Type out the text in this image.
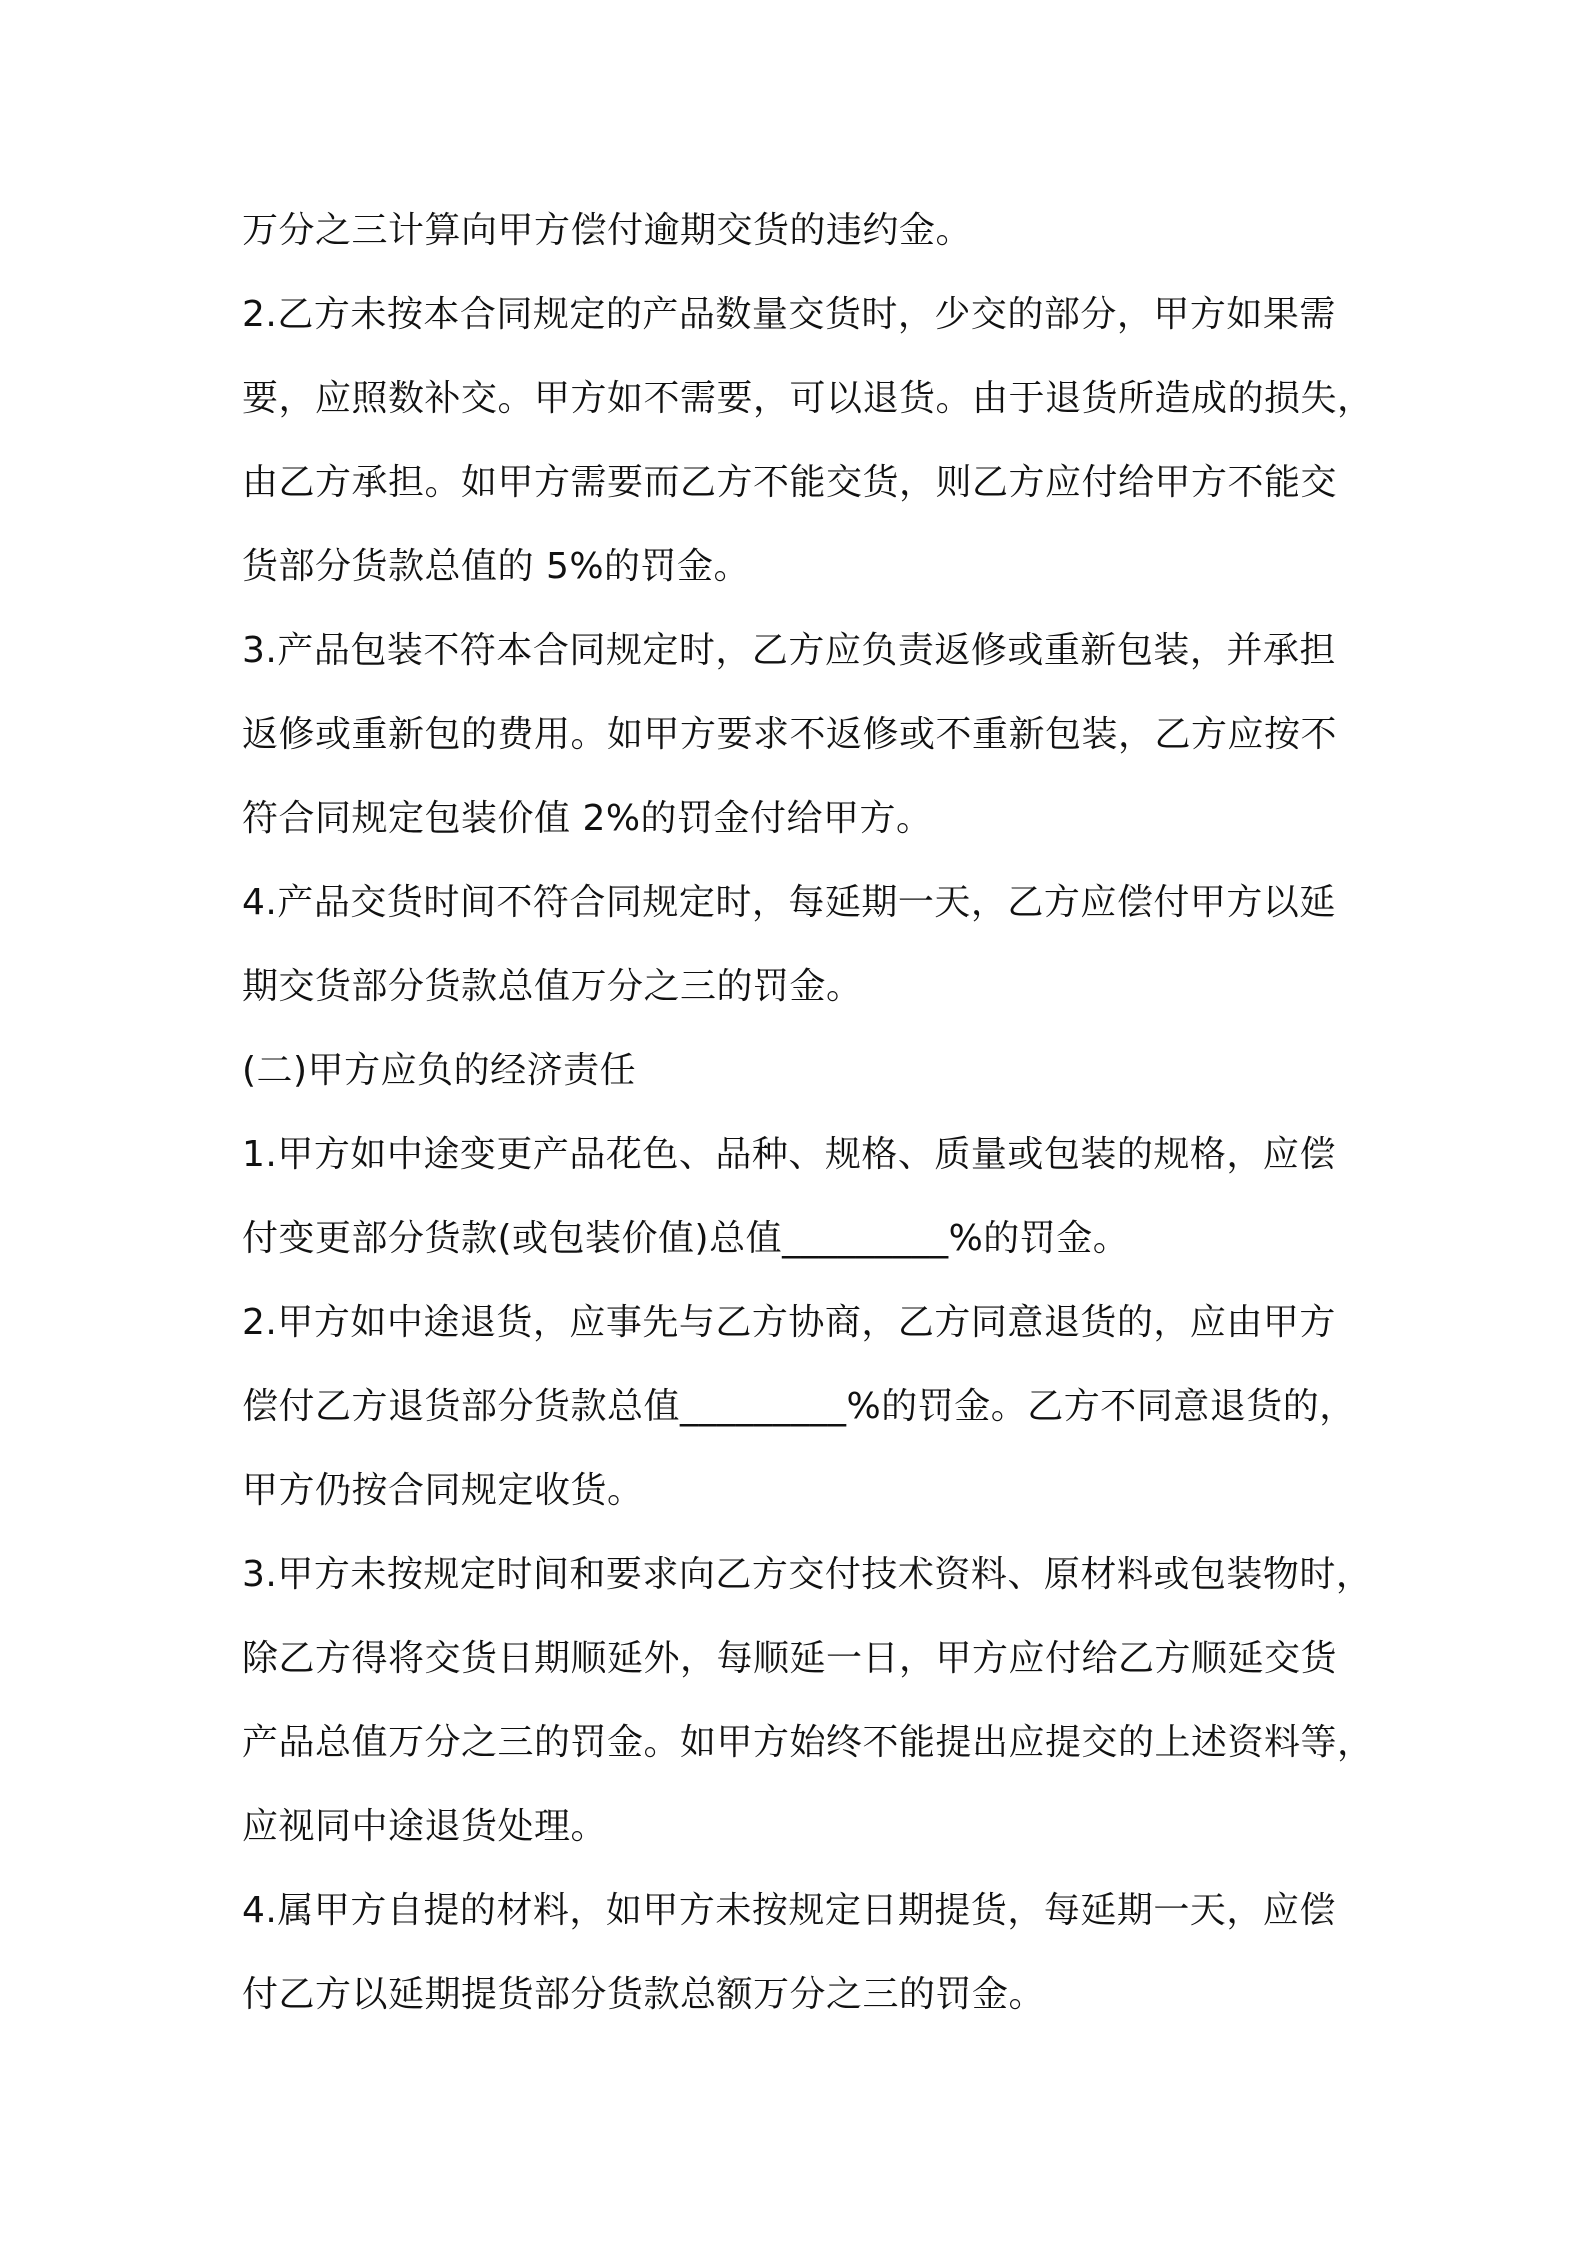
万分之三计算向甲方偿付逾期交货的违约金。
2.乙方未按本合同规定的产品数量交货时，少交的部分，甲方如果需
要，应照数补交。甲方如不需要，可以退货。由于退货所造成的损失，
由乙方承担。如甲方需要而乙方不能交货，则乙方应付给甲方不能交
货部分货款总值的 5%的罚金。
3.产品包装不符本合同规定时，乙方应负责返修或重新包装，并承担
返修或重新包的费用。如甲方要求不返修或不重新包装，乙方应按不
符合同规定包装价值 2%的罚金付给甲方。
4.产品交货时间不符合同规定时，每延期一天，乙方应偿付甲方以延
期交货部分货款总值万分之三的罚金。
(二)甲方应负的经济责任
1.甲方如中途变更产品花色、品种、规格、质量或包装的规格，应偿
付变更部分货款(或包装价值)总值_________%的罚金。
2.甲方如中途退货，应事先与乙方协商，乙方同意退货的，应由甲方
偿付乙方退货部分货款总值_________%的罚金。乙方不同意退货的，
甲方仍按合同规定收货。
3.甲方未按规定时间和要求向乙方交付技术资料、原材料或包装物时，
除乙方得将交货日期顺延外，每顺延一日，甲方应付给乙方顺延交货
产品总值万分之三的罚金。如甲方始终不能提出应提交的上述资料等，
应视同中途退货处理。
4.属甲方自提的材料，如甲方未按规定日期提货，每延期一天，应偿
付乙方以延期提货部分货款总额万分之三的罚金。
